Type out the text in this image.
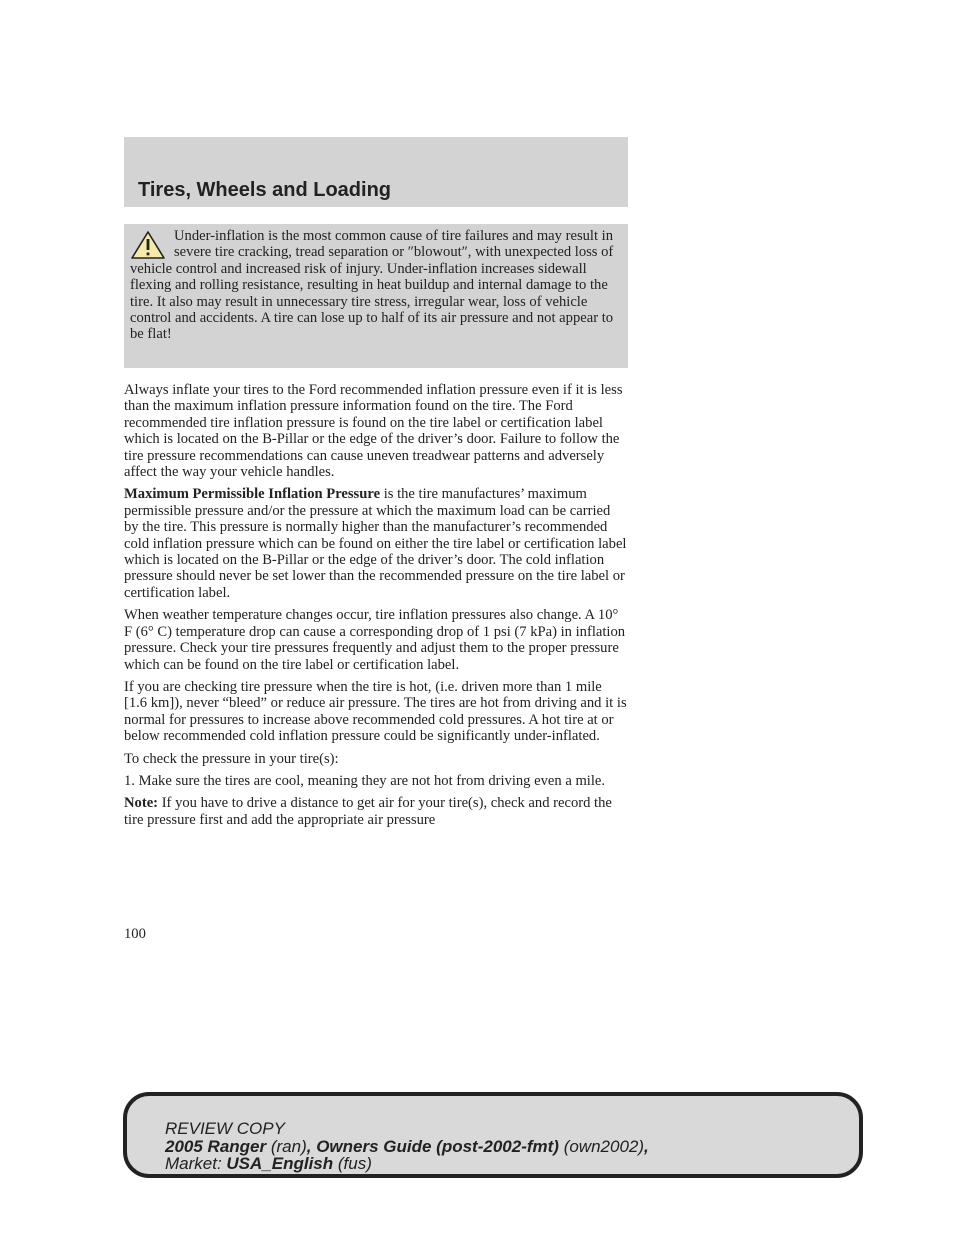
Tires, Wheels and Loading

Under-inflation is the most common cause of tire failures and may result in severe tire cracking, tread separation or ″blowout″, with unexpected loss of vehicle control and increased risk of injury. Under-inflation increases sidewall flexing and rolling resistance, resulting in heat buildup and internal damage to the tire. It also may result in unnecessary tire stress, irregular wear, loss of vehicle control and accidents. A tire can lose up to half of its air pressure and not appear to be flat!

Always inflate your tires to the Ford recommended inflation pressure even if it is less than the maximum inflation pressure information found on the tire. The Ford recommended tire inflation pressure is found on the tire label or certification label which is located on the B-Pillar or the edge of the driver’s door. Failure to follow the tire pressure recommendations can cause uneven treadwear patterns and adversely affect the way your vehicle handles.

Maximum Permissible Inflation Pressure is the tire manufactures’ maximum permissible pressure and/or the pressure at which the maximum load can be carried by the tire. This pressure is normally higher than the manufacturer’s recommended cold inflation pressure which can be found on either the tire label or certification label which is located on the B-Pillar or the edge of the driver’s door. The cold inflation pressure should never be set lower than the recommended pressure on the tire label or certification label.

When weather temperature changes occur, tire inflation pressures also change. A 10° F (6° C) temperature drop can cause a corresponding drop of 1 psi (7 kPa) in inflation pressure. Check your tire pressures frequently and adjust them to the proper pressure which can be found on the tire label or certification label.

If you are checking tire pressure when the tire is hot, (i.e. driven more than 1 mile [1.6 km]), never “bleed” or reduce air pressure. The tires are hot from driving and it is normal for pressures to increase above recommended cold pressures. A hot tire at or below recommended cold inflation pressure could be significantly under-inflated.

To check the pressure in your tire(s):

1. Make sure the tires are cool, meaning they are not hot from driving even a mile.

Note: If you have to drive a distance to get air for your tire(s), check and record the tire pressure first and add the appropriate air pressure

100
REVIEW COPY
2005 Ranger (ran), Owners Guide (post-2002-fmt) (own2002),
Market: USA_English (fus)
